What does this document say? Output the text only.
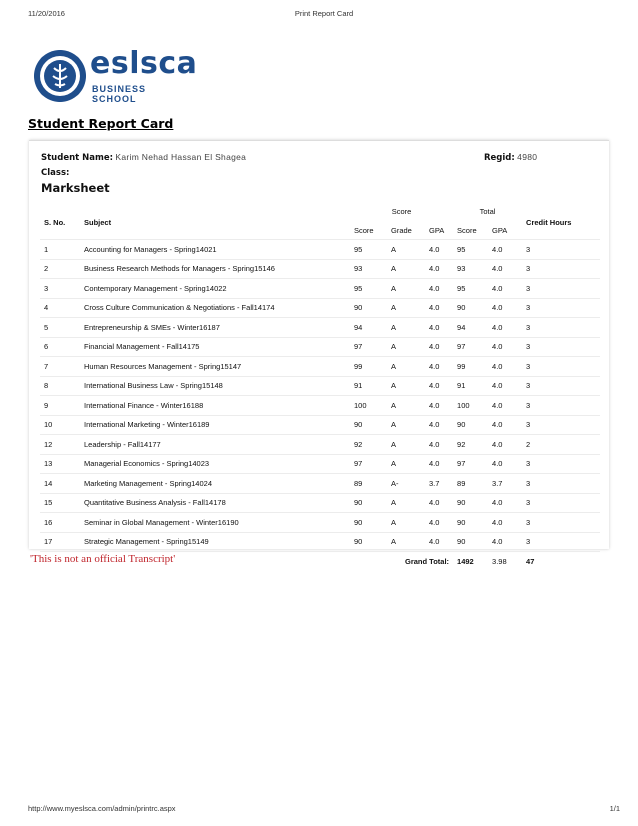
11/20/2016	Print Report Card
eslsca
BUSINESS SCHOOL
Student Report Card
Student Name: Karim Nehad Hassan El Shagea	Regid: 4980
Class:
Marksheet
S. No.	Subject	Score			Total		Credit Hours
		Score	Grade	GPA	Score	GPA	
1	Accounting for Managers - Spring14021	95	A	4.0	95	4.0	3
2	Business Research Methods for Managers - Spring15146	93	A	4.0	93	4.0	3
3	Contemporary Management - Spring14022	95	A	4.0	95	4.0	3
4	Cross Culture Communication & Negotiations - Fall14174	90	A	4.0	90	4.0	3
5	Entrepreneurship & SMEs - Winter16187	94	A	4.0	94	4.0	3
6	Financial Management - Fall14175	97	A	4.0	97	4.0	3
7	Human Resources Management - Spring15147	99	A	4.0	99	4.0	3
8	International Business Law - Spring15148	91	A	4.0	91	4.0	3
9	International Finance - Winter16188	100	A	4.0	100	4.0	3
10	International Marketing - Winter16189	90	A	4.0	90	4.0	3
12	Leadership - Fall14177	92	A	4.0	92	4.0	2
13	Managerial Economics - Spring14023	97	A	4.0	97	4.0	3
14	Marketing Management - Spring14024	89	A-	3.7	89	3.7	3
15	Quantitative Business Analysis - Fall14178	90	A	4.0	90	4.0	3
16	Seminar in Global Management - Winter16190	90	A	4.0	90	4.0	3
17	Strategic Management - Spring15149	90	A	4.0	90	4.0	3
Grand Total:					1492	3.98	47
'This is not an official Transcript'
http://www.myeslsca.com/admin/printrc.aspx	1/1
